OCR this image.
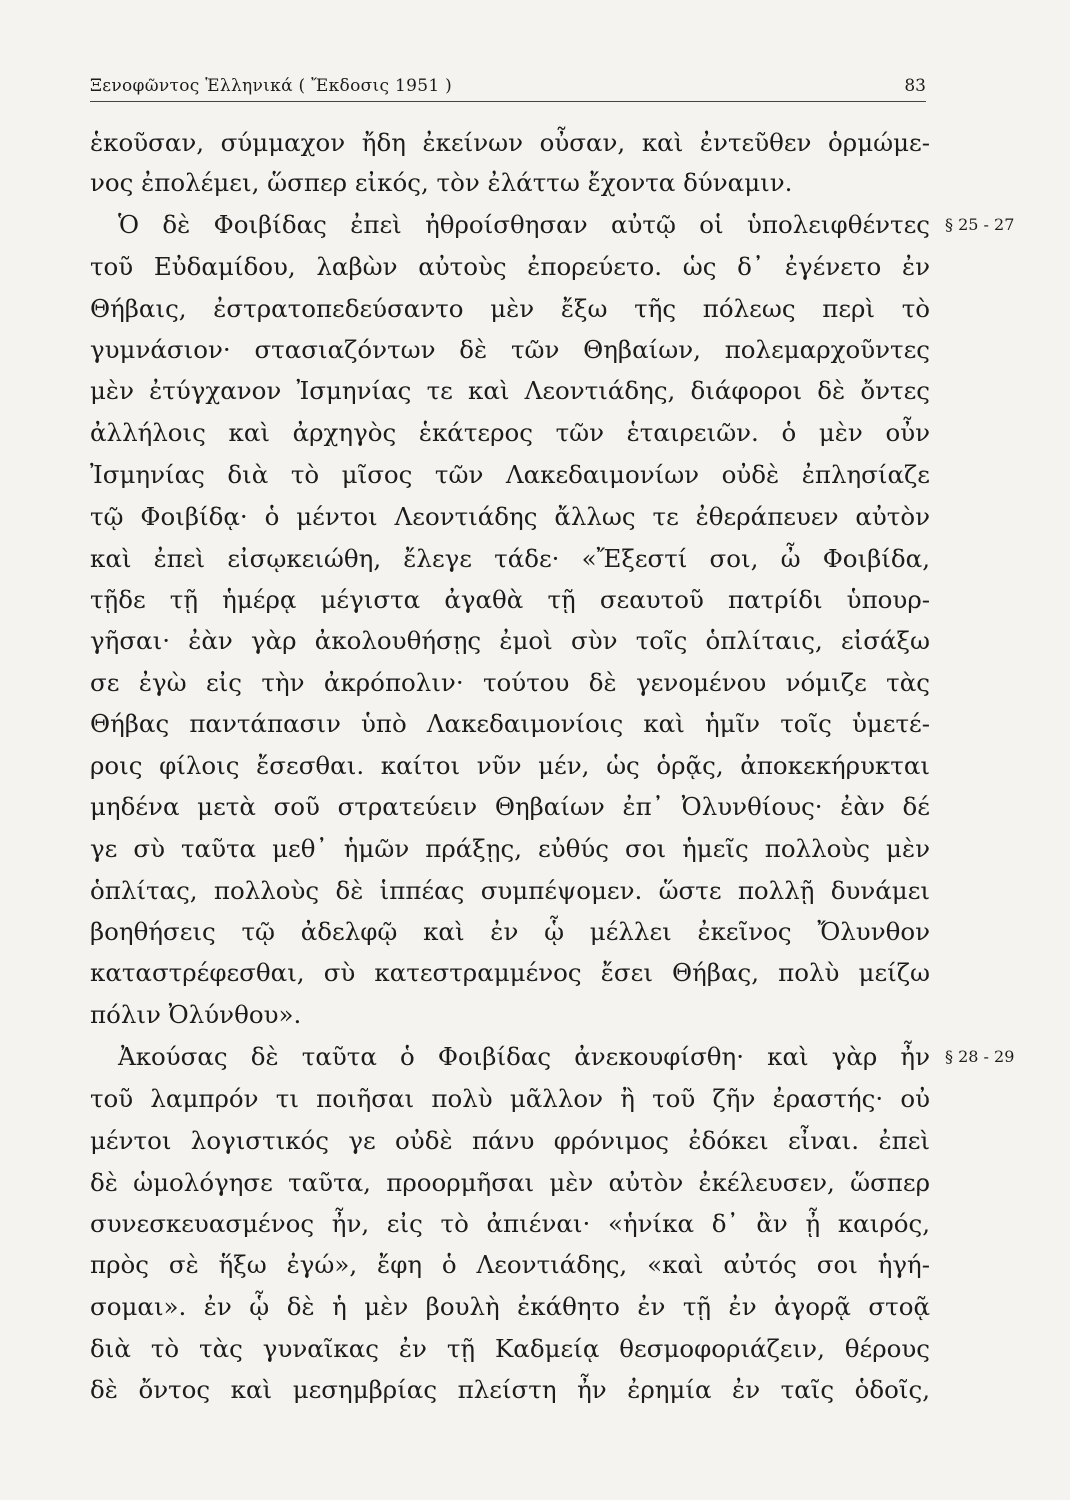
Ξενοφῶντος Ἑλληνικά ( Ἔκδοσις 1951 )	83
ἑκοῦσαν, σύμμαχον ἤδη ἐκείνων οὖσαν, καὶ ἐντεῦθεν ὁρμώμε-
νος ἐπολέμει, ὥσπερ εἰκός, τὸν ἐλάττω ἔχοντα δύναμιν.
Ὁ δὲ Φοιβίδας ἐπεὶ ἠθροίσθησαν αὐτῷ οἱ ὑπολειφθέντες
τοῦ Εὐδαμίδου, λαβὼν αὐτοὺς ἐπορεύετο. ὡς δ᾽ ἐγένετο ἐν
Θήβαις, ἐστρατοπεδεύσαντο μὲν ἔξω τῆς πόλεως περὶ τὸ
γυμνάσιον· στασιαζόντων δὲ τῶν Θηβαίων, πολεμαρχοῦντες
μὲν ἐτύγχανον Ἰσμηνίας τε καὶ Λεοντιάδης, διάφοροι δὲ ὄντες
ἀλλήλοις καὶ ἀρχηγὸς ἑκάτερος τῶν ἑταιρειῶν. ὁ μὲν οὖν
Ἰσμηνίας διὰ τὸ μῖσος τῶν Λακεδαιμονίων οὐδὲ ἐπλησίαζε
τῷ Φοιβίδᾳ· ὁ μέντοι Λεοντιάδης ἄλλως τε ἐθεράπευεν αὐτὸν
καὶ ἐπεὶ εἰσῳκειώθη, ἔλεγε τάδε· «Ἔξεστί σοι, ὦ Φοιβίδα,
τῇδε τῇ ἡμέρᾳ μέγιστα ἀγαθὰ τῇ σεαυτοῦ πατρίδι ὑπουρ-
γῆσαι· ἐὰν γὰρ ἀκολουθήσῃς ἐμοὶ σὺν τοῖς ὁπλίταις, εἰσάξω
σε ἐγὼ εἰς τὴν ἀκρόπολιν· τούτου δὲ γενομένου νόμιζε τὰς
Θήβας παντάπασιν ὑπὸ Λακεδαιμονίοις καὶ ἡμῖν τοῖς ὑμετέ-
ροις φίλοις ἔσεσθαι. καίτοι νῦν μέν, ὡς ὁρᾷς, ἀποκεκήρυκται
μηδένα μετὰ σοῦ στρατεύειν Θηβαίων ἐπ᾽ Ὀλυνθίους· ἐὰν δέ
γε σὺ ταῦτα μεθ᾽ ἡμῶν πράξῃς, εὐθύς σοι ἡμεῖς πολλοὺς μὲν
ὁπλίτας, πολλοὺς δὲ ἱππέας συμπέψομεν. ὥστε πολλῇ δυνάμει
βοηθήσεις τῷ ἀδελφῷ καὶ ἐν ᾧ μέλλει ἐκεῖνος Ὄλυνθον
καταστρέφεσθαι, σὺ κατεστραμμένος ἔσει Θήβας, πολὺ μείζω
πόλιν Ὀλύνθου».
Ἀκούσας δὲ ταῦτα ὁ Φοιβίδας ἀνεκουφίσθη· καὶ γὰρ ἦν
τοῦ λαμπρόν τι ποιῆσαι πολὺ μᾶλλον ἢ τοῦ ζῆν ἐραστής· οὐ
μέντοι λογιστικός γε οὐδὲ πάνυ φρόνιμος ἐδόκει εἶναι. ἐπεὶ
δὲ ὡμολόγησε ταῦτα, προορμῆσαι μὲν αὐτὸν ἐκέλευσεν, ὥσπερ
συνεσκευασμένος ἦν, εἰς τὸ ἀπιέναι· «ἡνίκα δ᾽ ἂν ᾖ καιρός,
πρὸς σὲ ἥξω ἐγώ», ἔφη ὁ Λεοντιάδης, «καὶ αὐτός σοι ἡγή-
σομαι». ἐν ᾧ δὲ ἡ μὲν βουλὴ ἐκάθητο ἐν τῇ ἐν ἀγορᾷ στοᾷ
διὰ τὸ τὰς γυναῖκας ἐν τῇ Καδμείᾳ θεσμοφοριάζειν, θέρους
δὲ ὄντος καὶ μεσημβρίας πλείστη ἦν ἐρημία ἐν ταῖς ὁδοῖς,
§ 25 - 27
§ 28 - 29
